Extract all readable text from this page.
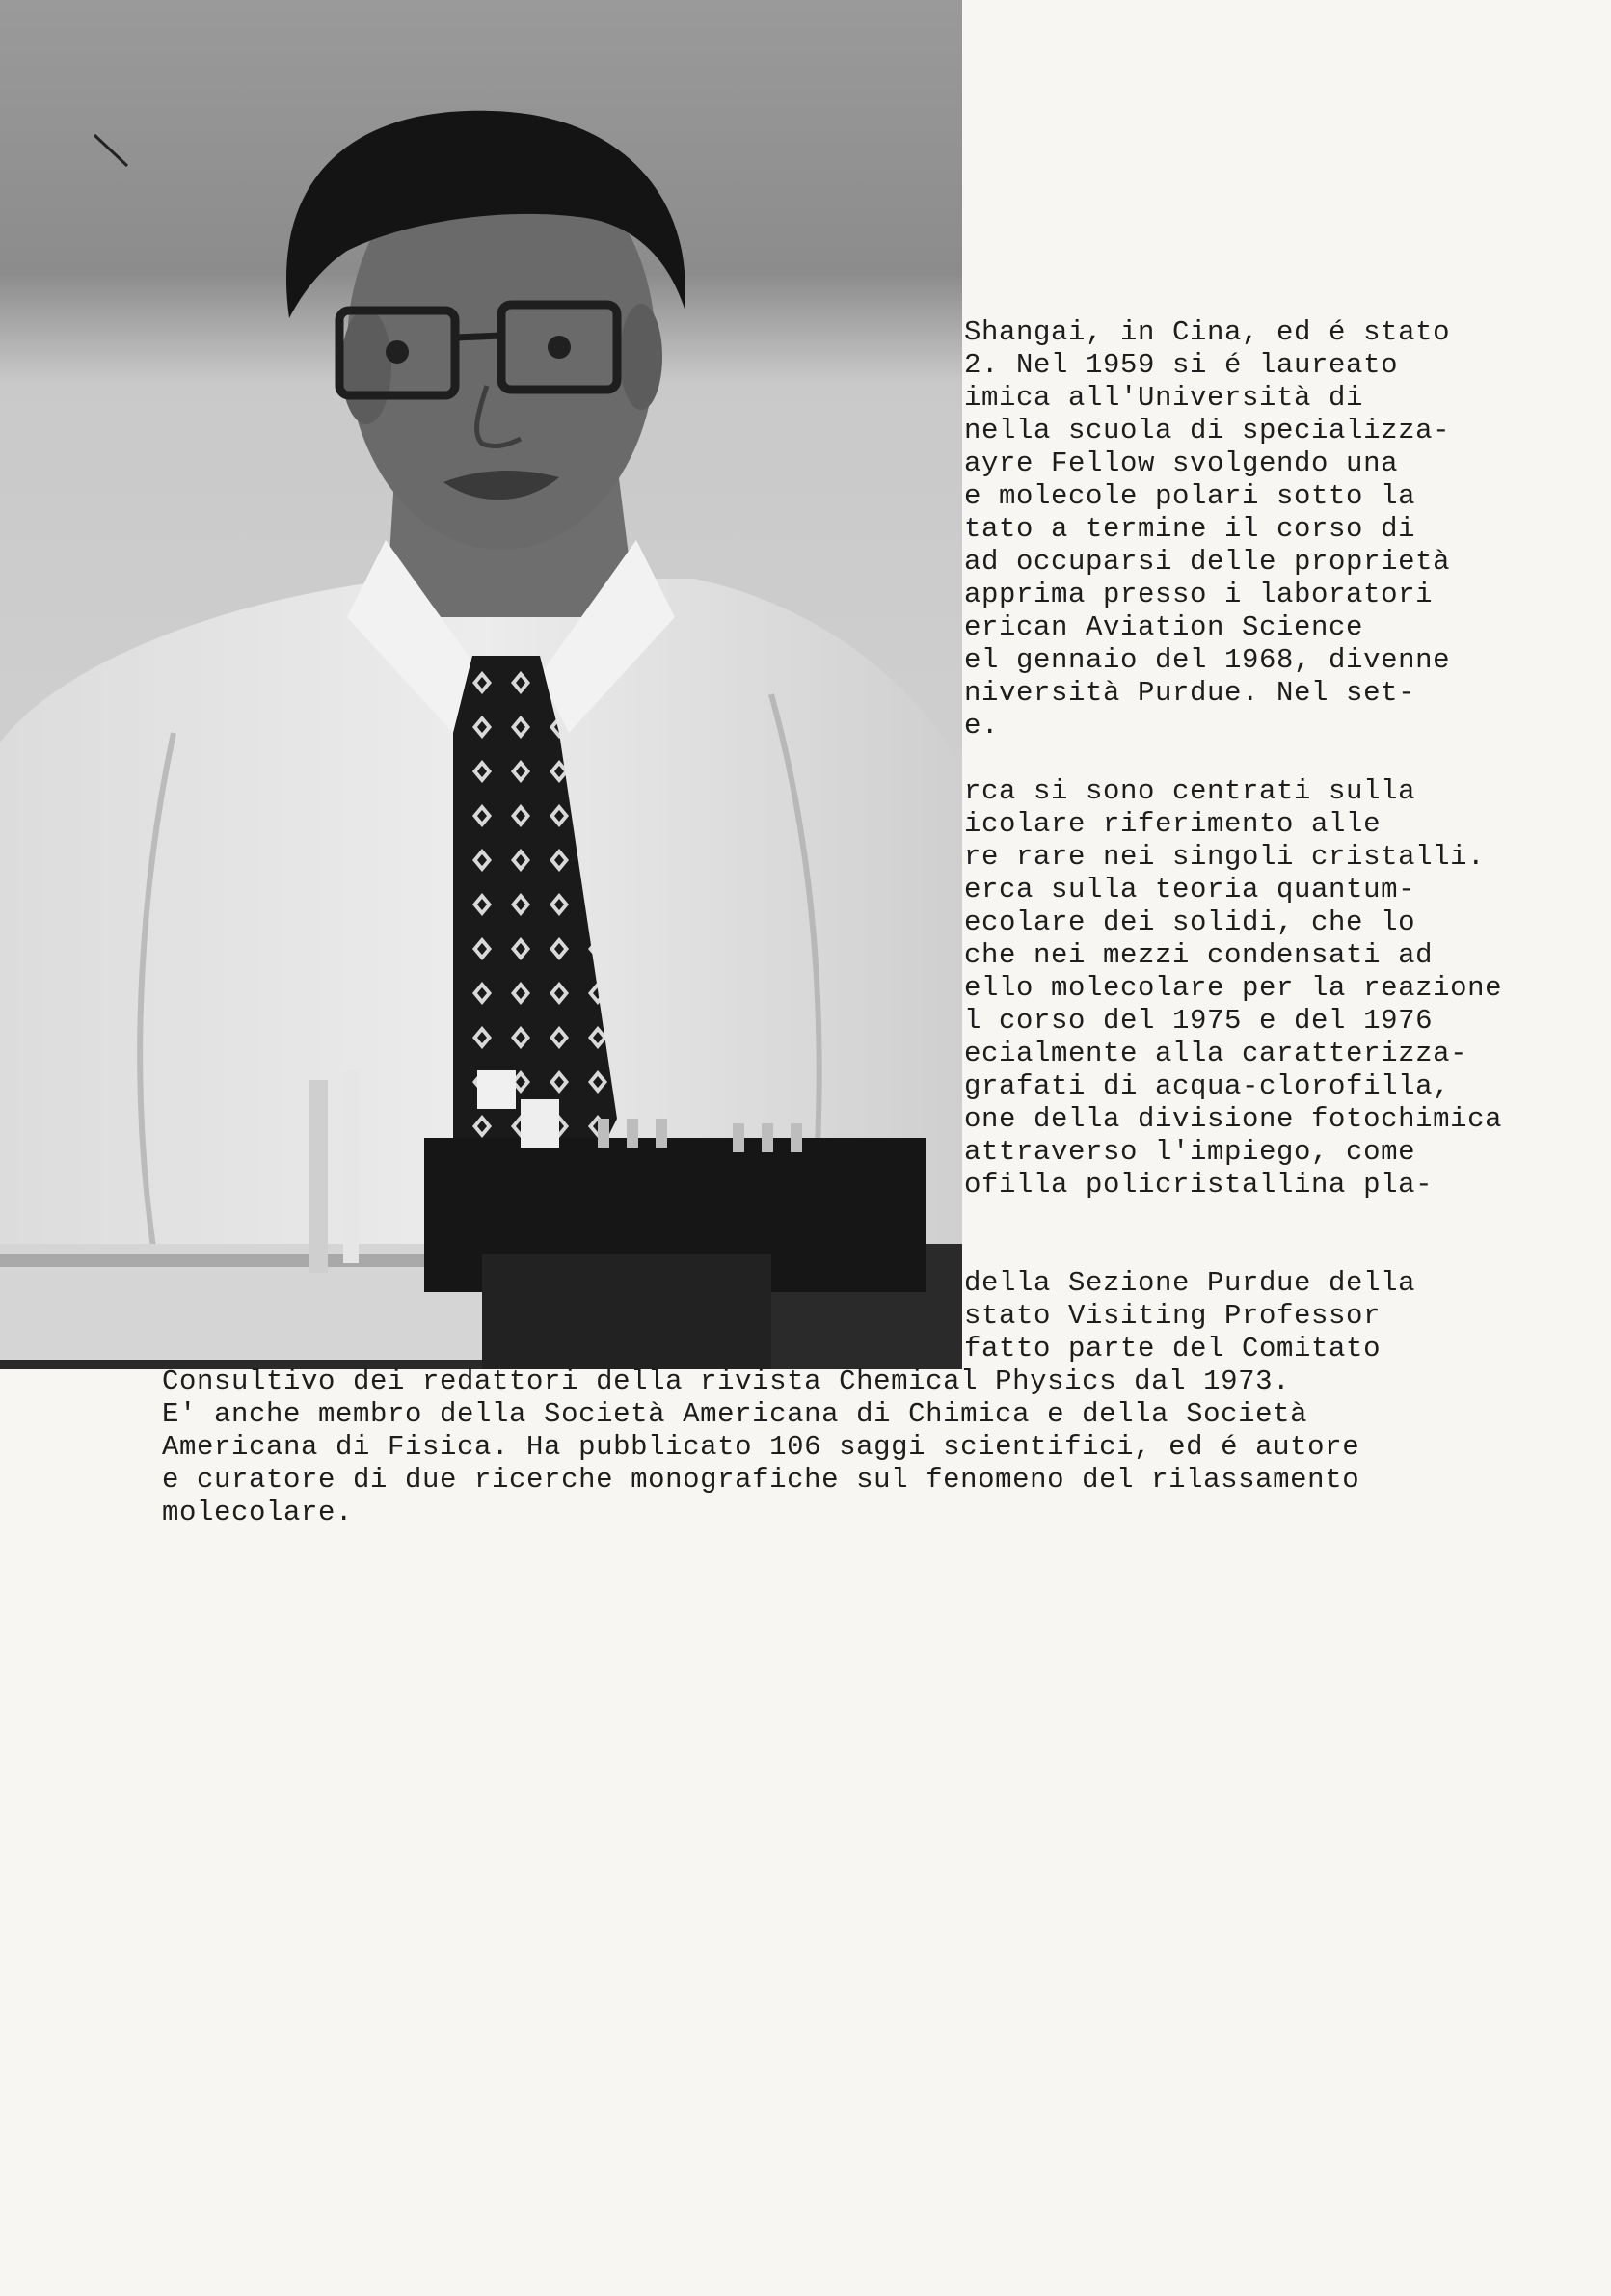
Shangai, in Cina, ed é stato
2. Nel 1959 si é laureato
imica all'Università di
nella scuola di specializza-
ayre Fellow svolgendo una
e molecole polari sotto la
tato a termine il corso di
ad occuparsi delle proprietà
apprima presso i laboratori
erican Aviation Science
el gennaio del 1968, divenne
niversità Purdue. Nel set-
e.
rca si sono centrati sulla
icolare riferimento alle
re rare nei singoli cristalli.
erca sulla teoria quantum-
ecolare dei solidi, che lo
che nei mezzi condensati ad
ello molecolare per la reazione
l corso del 1975 e del 1976
ecialmente alla caratterizza-
grafati di acqua-clorofilla,
one della divisione fotochimica
attraverso l'impiego, come
ofilla policristallina pla-
della Sezione Purdue della
stato Visiting Professor
fatto parte del Comitato
Consultivo dei redattori della rivista Chemical Physics dal 1973.
E' anche membro della Società Americana di Chimica e della Società
Americana di Fisica. Ha pubblicato 106 saggi scientifici, ed é autore
e curatore di due ricerche monografiche sul fenomeno del rilassamento
molecolare.
